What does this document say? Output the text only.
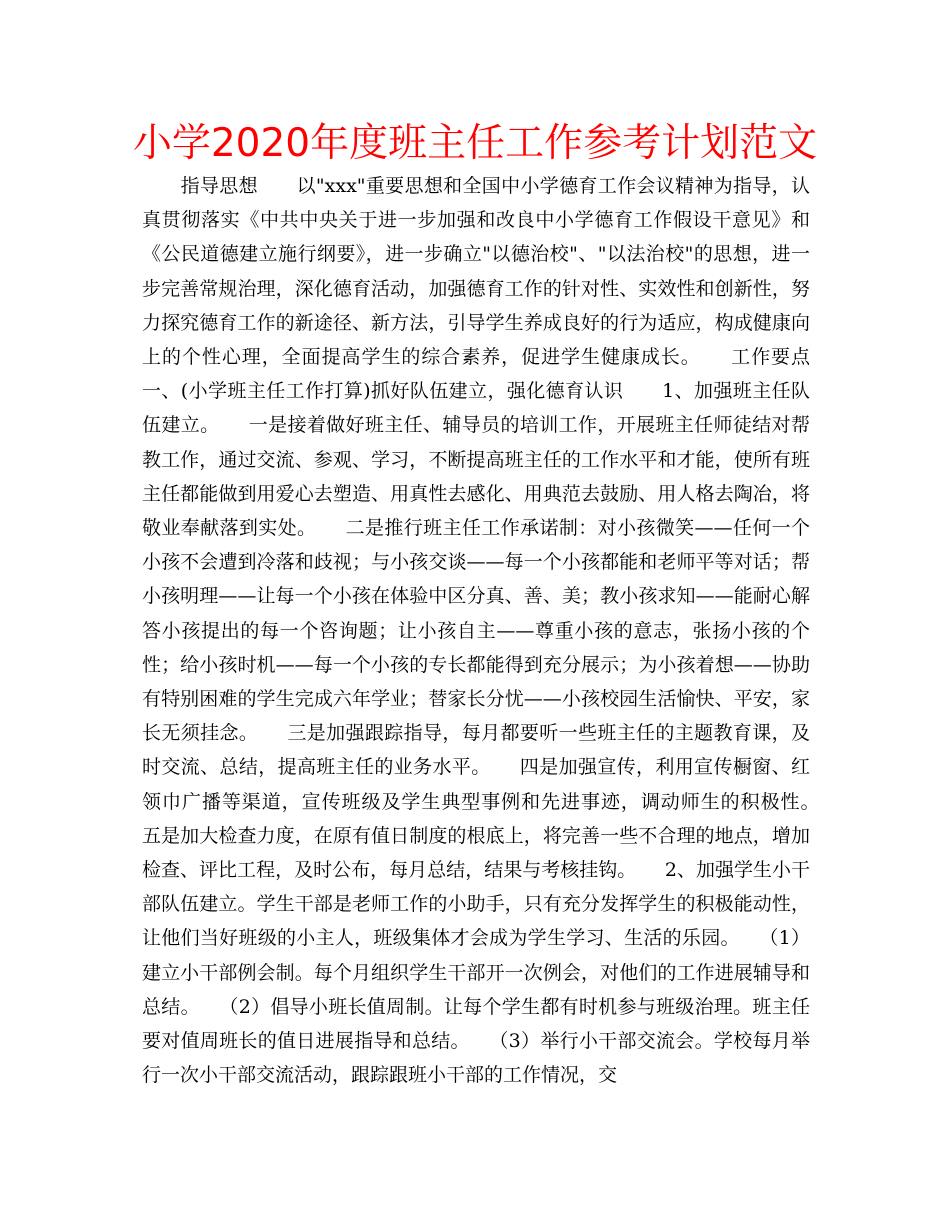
小学2020年度班主任工作参考计划范文

　　指导思想　　以"xxx"重要思想和全国中小学德育工作会议精神为指导，认真贯彻落实《中共中央关于进一步加强和改良中小学德育工作假设干意见》和《公民道德建立施行纲要》，进一步确立"以德治校"、"以法治校"的思想，进一步完善常规治理，深化德育活动，加强德育工作的针对性、实效性和创新性，努力探究德育工作的新途径、新方法，引导学生养成良好的行为适应，构成健康向上的个性心理，全面提高学生的综合素养，促进学生健康成长。　　工作要点　　一、(小学班主任工作打算)抓好队伍建立，强化德育认识　　1、加强班主任队伍建立。　　一是接着做好班主任、辅导员的培训工作，开展班主任师徒结对帮教工作，通过交流、参观、学习，不断提高班主任的工作水平和才能，使所有班主任都能做到用爱心去塑造、用真性去感化、用典范去鼓励、用人格去陶冶，将敬业奉献落到实处。　　二是推行班主任工作承诺制：对小孩微笑——任何一个小孩不会遭到冷落和歧视；与小孩交谈——每一个小孩都能和老师平等对话；帮小孩明理——让每一个小孩在体验中区分真、善、美；教小孩求知——能耐心解答小孩提出的每一个咨询题；让小孩自主——尊重小孩的意志，张扬小孩的个性；给小孩时机——每一个小孩的专长都能得到充分展示；为小孩着想——协助有特别困难的学生完成六年学业；替家长分忧——小孩校园生活愉快、平安，家长无须挂念。　　三是加强跟踪指导，每月都要听一些班主任的主题教育课，及时交流、总结，提高班主任的业务水平。　　四是加强宣传，利用宣传橱窗、红领巾广播等渠道，宣传班级及学生典型事例和先进事迹，调动师生的积极性。　　五是加大检查力度，在原有值日制度的根底上，将完善一些不合理的地点，增加检查、评比工程，及时公布，每月总结，结果与考核挂钩。　　2、加强学生小干部队伍建立。学生干部是老师工作的小助手，只有充分发挥学生的积极能动性，让他们当好班级的小主人，班级集体才会成为学生学习、生活的乐园。　　（1）建立小干部例会制。每个月组织学生干部开一次例会，对他们的工作进展辅导和总结。　　（2）倡导小班长值周制。让每个学生都有时机参与班级治理。班主任要对值周班长的值日进展指导和总结。　　（3）举行小干部交流会。学校每月举行一次小干部交流活动，跟踪跟班小干部的工作情况，交
